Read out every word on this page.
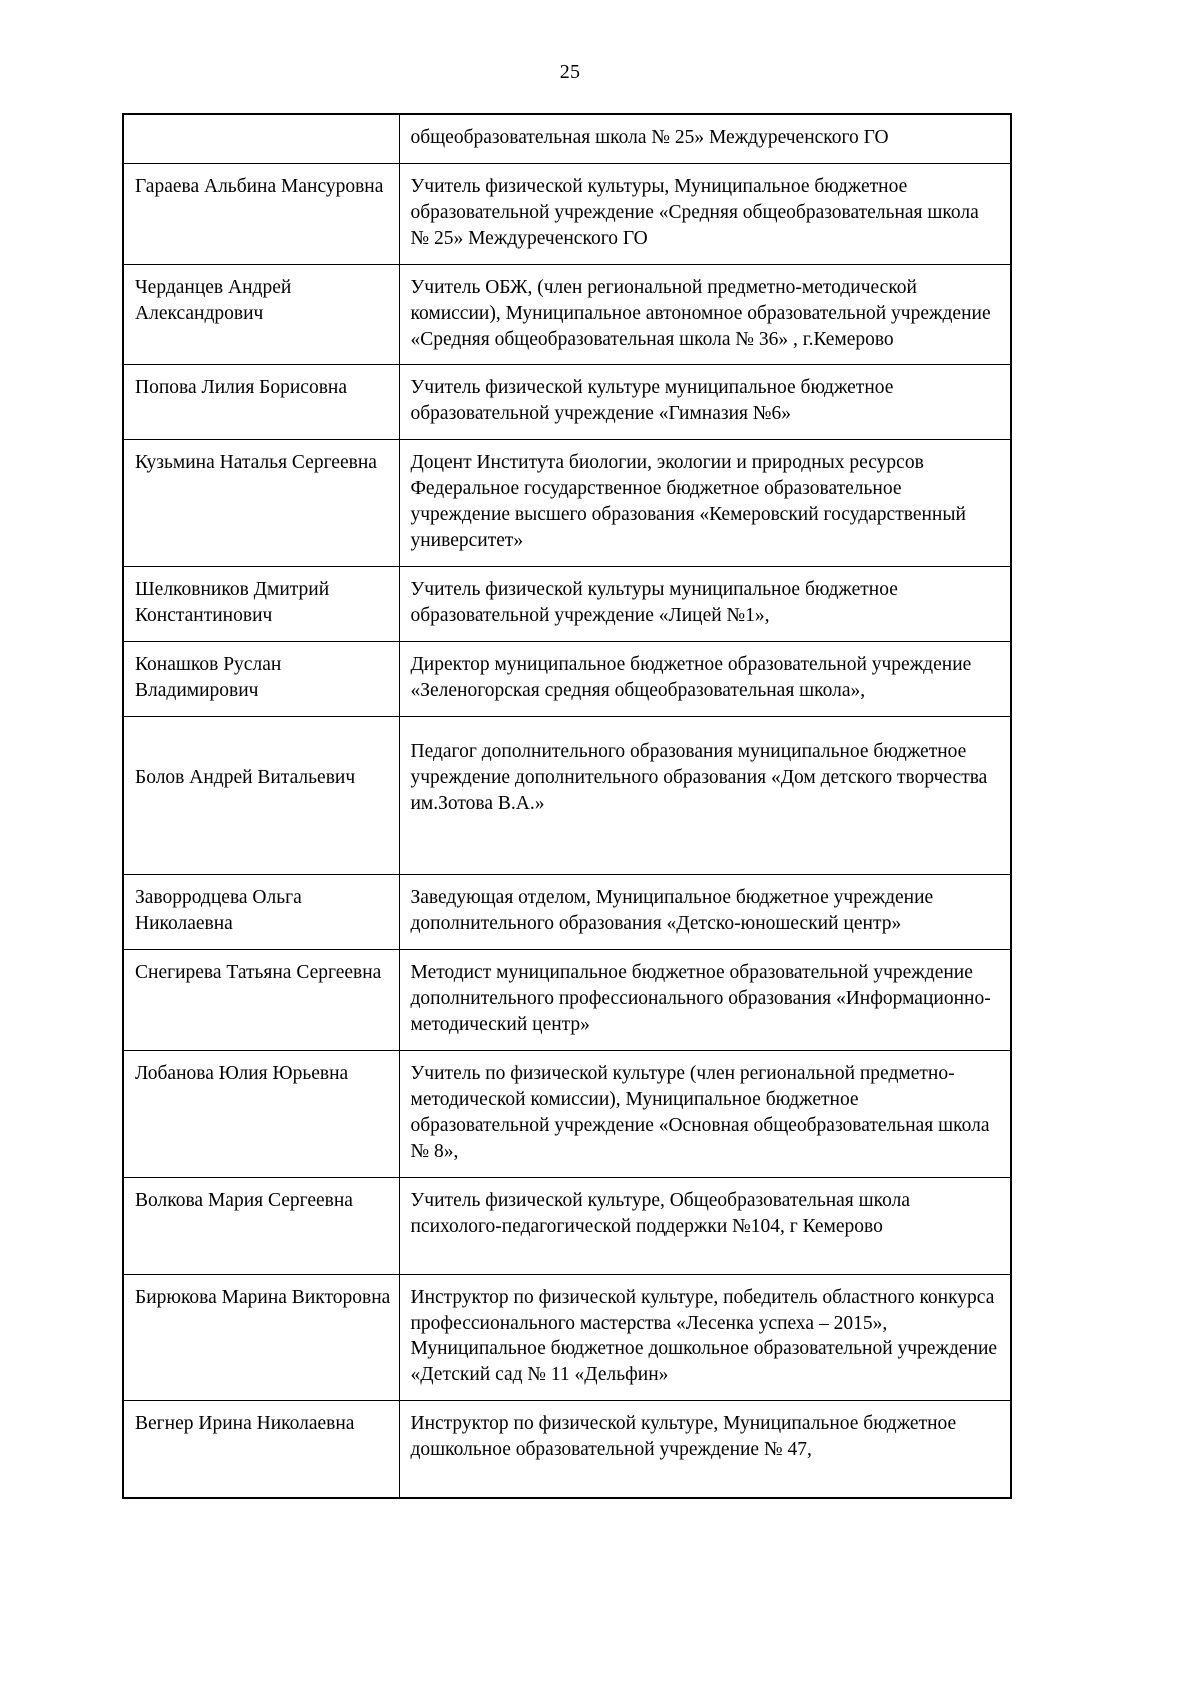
25
	общеобразовательная школа № 25» Междуреченского ГО
Гараева Альбина Мансуровна	Учитель физической культуры, Муниципальное бюджетное образовательной учреждение «Средняя общеобразовательная школа № 25» Междуреченского ГО
Черданцев Андрей Александрович	Учитель ОБЖ, (член региональной предметно-методической комиссии), Муниципальное автономное образовательной учреждение «Средняя общеобразовательная школа № 36» , г.Кемерово
Попова Лилия Борисовна	Учитель физической культуре муниципальное бюджетное образовательной учреждение «Гимназия №6»
Кузьмина Наталья Сергеевна	Доцент Института биологии, экологии и природных ресурсов Федеральное государственное бюджетное образовательное учреждение высшего образования «Кемеровский государственный университет»
Шелковников Дмитрий Константинович	Учитель физической культуры муниципальное бюджетное образовательной учреждение «Лицей №1»,
Конашков Руслан Владимирович	Директор муниципальное бюджетное образовательной учреждение «Зеленогорская средняя общеобразовательная школа»,
Болов Андрей Витальевич	Педагог дополнительного образования муниципальное бюджетное учреждение дополнительного образования «Дом детского творчества им.Зотова В.А.»
Заворродцева Ольга Николаевна	Заведующая отделом, Муниципальное бюджетное учреждение дополнительного образования «Детско-юношеский центр»
Снегирева Татьяна Сергеевна	Методист муниципальное бюджетное образовательной учреждение дополнительного профессионального образования «Информационно-методический центр»
Лобанова Юлия Юрьевна	Учитель по физической культуре (член региональной предметно- методической комиссии), Муниципальное бюджетное образовательной учреждение «Основная общеобразовательная школа № 8»,
Волкова Мария Сергеевна	Учитель физической культуре, Общеобразовательная школа психолого-педагогической поддержки №104, г Кемерово
Бирюкова Марина Викторовна	Инструктор по физической культуре, победитель областного конкурса профессионального мастерства «Лесенка успеха – 2015», Муниципальное бюджетное дошкольное образовательной учреждение «Детский сад № 11 «Дельфин»
Вегнер Ирина Николаевна	Инструктор по физической культуре, Муниципальное бюджетное дошкольное образовательной учреждение № 47,
